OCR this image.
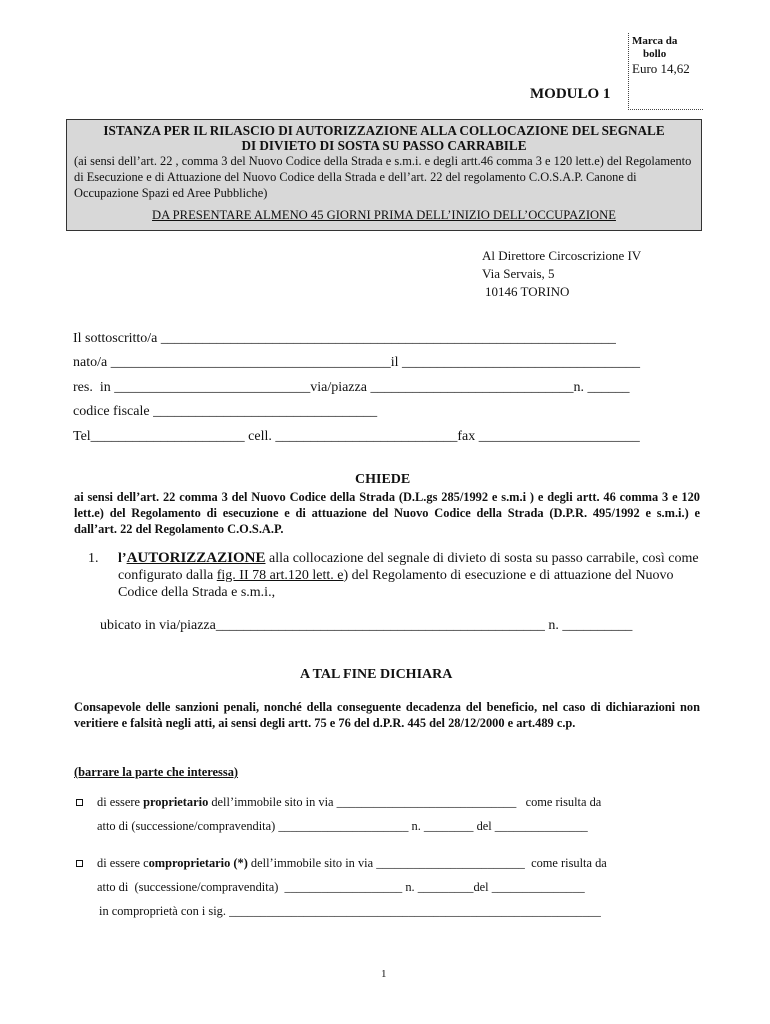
Marca da
bollo
Euro 14,62
MODULO 1
ISTANZA PER IL RILASCIO DI AUTORIZZAZIONE ALLA COLLOCAZIONE DEL SEGNALE
DI DIVIETO DI SOSTA SU PASSO CARRABILE
(ai sensi dell’art. 22 , comma 3 del Nuovo Codice della Strada e s.m.i. e degli artt.46 comma 3 e 120 lett.e) del Regolamento di Esecuzione e di Attuazione del Nuovo Codice della Strada e dell’art. 22 del regolamento C.O.S.A.P. Canone di Occupazione Spazi ed Aree Pubbliche)
DA PRESENTARE ALMENO 45 GIORNI PRIMA DELL’INIZIO DELL’OCCUPAZIONE
Al Direttore Circoscrizione IV
Via Servais, 5
10146 TORINO
Il sottoscritto/a _________________________________________________________________
nato/a ________________________________________il __________________________________
res.  in ____________________________via/piazza _____________________________n. ______
codice fiscale ________________________________
Tel______________________ cell. __________________________fax _______________________
CHIEDE
ai sensi dell’art. 22 comma 3 del Nuovo Codice della Strada (D.L.gs 285/1992 e s.m.i ) e degli artt. 46 comma 3 e 120 lett.e) del Regolamento di esecuzione e di attuazione del Nuovo Codice della Strada (D.P.R. 495/1992 e s.m.i.) e dall’art. 22 del Regolamento C.O.S.A.P.
1. l’AUTORIZZAZIONE alla collocazione del segnale di divieto di sosta su passo carrabile, così come configurato dalla fig. II 78 art.120 lett. e) del Regolamento di esecuzione e di attuazione del Nuovo Codice della Strada e s.m.i.,
ubicato in via/piazza_______________________________________________ n. __________
A TAL FINE DICHIARA
Consapevole delle sanzioni penali, nonché della conseguente decadenza del beneficio, nel caso di dichiarazioni non veritiere e falsità negli atti, ai sensi degli artt. 75 e 76 del d.P.R. 445 del 28/12/2000 e art.489 c.p.
(barrare la parte che interessa)
di essere proprietario dell’immobile sito in via _____________________________   come risulta da
atto di (successione/compravendita) _____________________ n. ________ del _______________
di essere comproprietario (*) dell’immobile sito in via ________________________  come risulta da
atto di  (successione/compravendita)  ___________________ n. _________del _______________
in comproprietà con i sig. ____________________________________________________________
1
